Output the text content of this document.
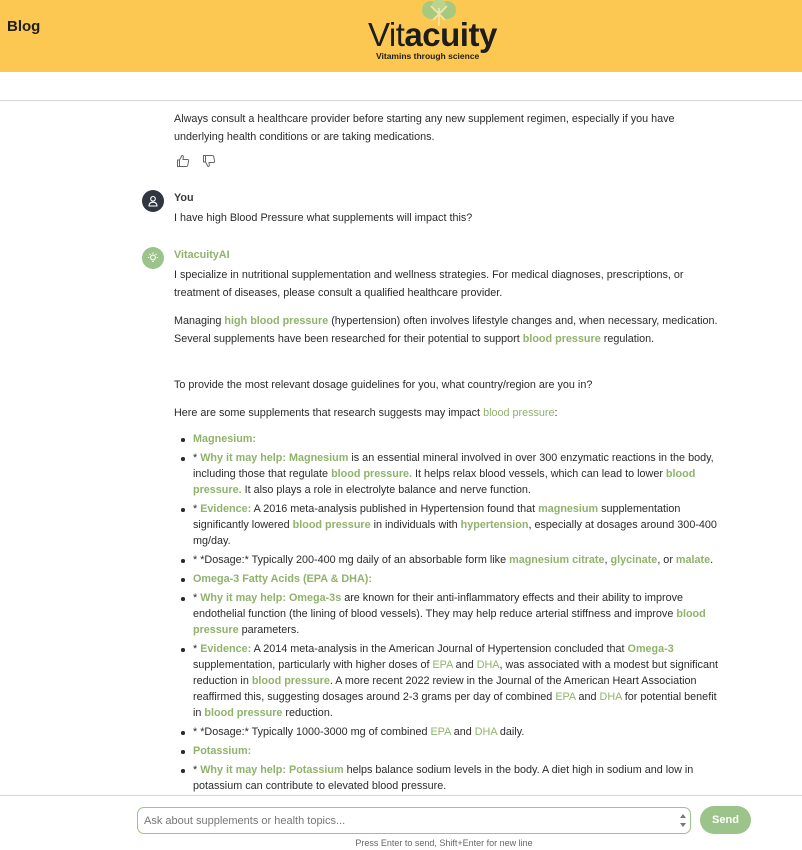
Blog	Vitacuity
Vitamins through science
Always consult a healthcare provider before starting any new supplement regimen, especially if you have underlying health conditions or are taking medications.
You
I have high Blood Pressure what supplements will impact this?
VitacuityAI
I specialize in nutritional supplementation and wellness strategies. For medical diagnoses, prescriptions, or treatment of diseases, please consult a qualified healthcare provider.
Managing high blood pressure (hypertension) often involves lifestyle changes and, when necessary, medication. Several supplements have been researched for their potential to support blood pressure regulation.
To provide the most relevant dosage guidelines for you, what country/region are you in?
Here are some supplements that research suggests may impact blood pressure:
Magnesium:
* Why it may help: Magnesium is an essential mineral involved in over 300 enzymatic reactions in the body, including those that regulate blood pressure. It helps relax blood vessels, which can lead to lower blood pressure. It also plays a role in electrolyte balance and nerve function.
* Evidence: A 2016 meta-analysis published in Hypertension found that magnesium supplementation significantly lowered blood pressure in individuals with hypertension, especially at dosages around 300-400 mg/day.
* *Dosage:* Typically 200-400 mg daily of an absorbable form like magnesium citrate, glycinate, or malate.
Omega-3 Fatty Acids (EPA & DHA):
* Why it may help: Omega-3s are known for their anti-inflammatory effects and their ability to improve endothelial function (the lining of blood vessels). They may help reduce arterial stiffness and improve blood pressure parameters.
* Evidence: A 2014 meta-analysis in the American Journal of Hypertension concluded that Omega-3 supplementation, particularly with higher doses of EPA and DHA, was associated with a modest but significant reduction in blood pressure. A more recent 2022 review in the Journal of the American Heart Association reaffirmed this, suggesting dosages around 2-3 grams per day of combined EPA and DHA for potential benefit in blood pressure reduction.
* *Dosage:* Typically 1000-3000 mg of combined EPA and DHA daily.
Potassium:
* Why it may help: Potassium helps balance sodium levels in the body. A diet high in sodium and low in potassium can contribute to elevated blood pressure.
Ask about supplements or health topics...
Send
Press Enter to send, Shift+Enter for new line
